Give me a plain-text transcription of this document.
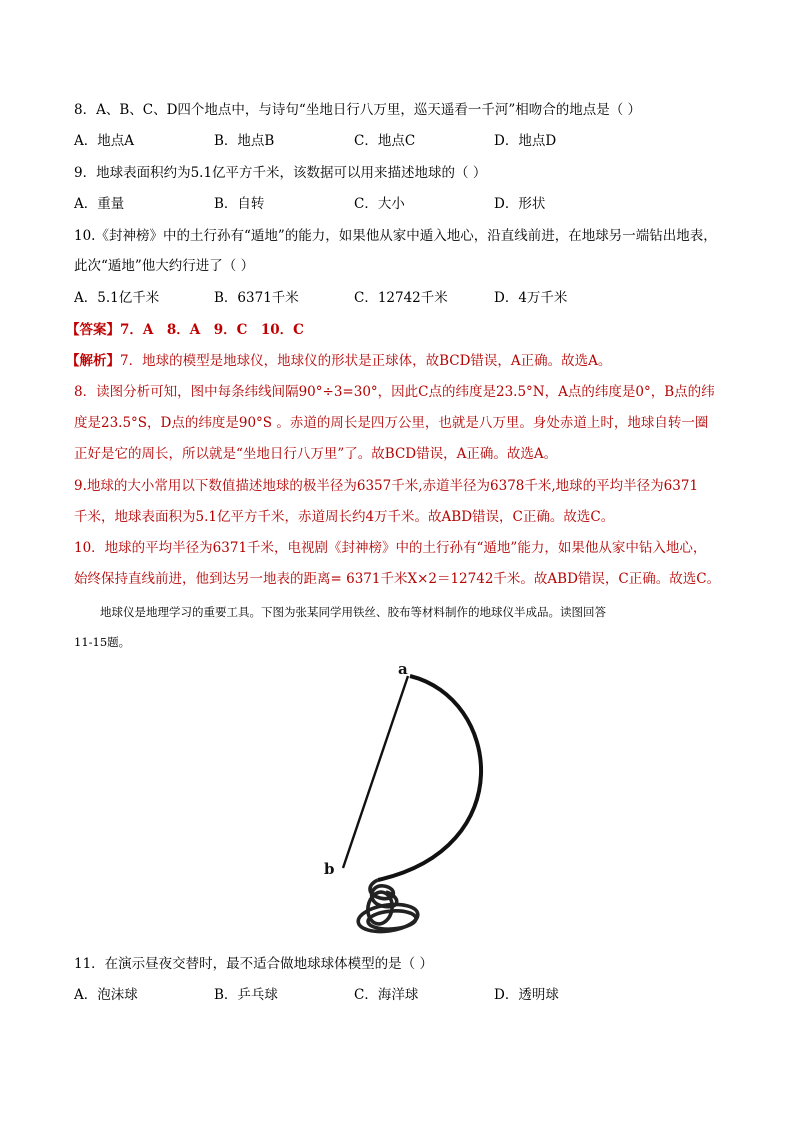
8．A、B、C、D四个地点中，与诗句“坐地日行八万里，巡天遥看一千河”相吻合的地点是（ ）
A．地点A	B．地点B	C．地点C	D．地点D
9．地球表面积约为5.1亿平方千米，该数据可以用来描述地球的（ ）
A．重量	B．自转	C．大小	D．形状
10.《封神榜》中的土行孙有“遁地”的能力，如果他从家中遁入地心，沿直线前进，在地球另一端钻出地表，
此次“遁地”他大约行进了（ ）
A．5.1亿千米	B．6371千米	C．12742千米	D．4万千米
【答案】7．A　8．A　9．C　10．C
【解析】7．地球的模型是地球仪，地球仪的形状是正球体，故BCD错误，A正确。故选A。
8．读图分析可知，图中每条纬线间隔90°÷3=30°，因此C点的纬度是23.5°N，A点的纬度是0°，B点的纬
度是23.5°S，D点的纬度是90°S 。赤道的周长是四万公里，也就是八万里。身处赤道上时，地球自转一圈
正好是它的周长，所以就是“坐地日行八万里”了。故BCD错误，A正确。故选A。
9.地球的大小常用以下数值描述地球的极半径为6357千米,赤道半径为6378千米,地球的平均半径为6371
千米，地球表面积为5.1亿平方千米，赤道周长约4万千米。故ABD错误，C正确。故选C。
10．地球的平均半径为6371千米，电视剧《封神榜》中的土行孙有“遁地”能力，如果他从家中钻入地心，
始终保持直线前进，他到达另一地表的距离= 6371千米X×2＝12742千米。故ABD错误，C正确。故选C。
地球仪是地理学习的重要工具。下图为张某同学用铁丝、胶布等材料制作的地球仪半成品。读图回答
11-15题。
a
b
11．在演示昼夜交替时，最不适合做地球球体模型的是（ ）
A．泡沫球	B．乒乓球	C．海洋球	D．透明球
